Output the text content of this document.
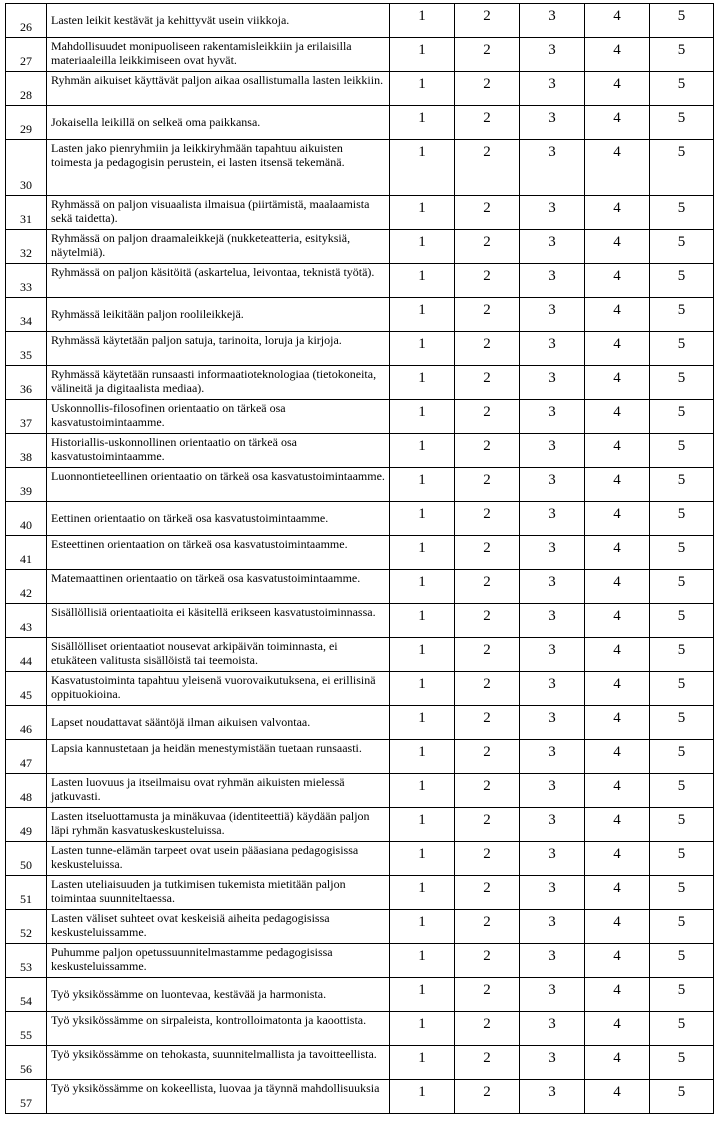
26	Lasten leikit kestävät ja kehittyvät usein viikkoja.	1	2	3	4	5
27	Mahdollisuudet monipuoliseen rakentamisleikkiin ja erilaisilla materiaaleilla leikkimiseen ovat hyvät.	1	2	3	4	5
28	Ryhmän aikuiset käyttävät paljon aikaa osallistumalla lasten leikkiin.	1	2	3	4	5
29	Jokaisella leikillä on selkeä oma paikkansa.	1	2	3	4	5
30	Lasten jako pienryhmiin ja leikkiryhmään tapahtuu aikuisten toimesta ja pedagogisin perustein, ei lasten itsensä tekemänä.	1	2	3	4	5
31	Ryhmässä on paljon visuaalista ilmaisua (piirtämistä, maalaamista sekä taidetta).	1	2	3	4	5
32	Ryhmässä on paljon draamaleikkejä (nukketeatteria, esityksiä, näytelmiä).	1	2	3	4	5
33	Ryhmässä on paljon käsitöitä (askartelua, leivontaa, teknistä työtä).	1	2	3	4	5
34	Ryhmässä leikitään paljon roolileikkejä.	1	2	3	4	5
35	Ryhmässä käytetään paljon satuja, tarinoita, loruja ja kirjoja.	1	2	3	4	5
36	Ryhmässä käytetään runsaasti informaatioteknologiaa (tietokoneita, välineitä ja digitaalista mediaa).	1	2	3	4	5
37	Uskonnollis-filosofinen orientaatio on tärkeä osa kasvatustoimintaamme.	1	2	3	4	5
38	Historiallis-uskonnollinen orientaatio on tärkeä osa kasvatustoimintaamme.	1	2	3	4	5
39	Luonnontieteellinen orientaatio on tärkeä osa kasvatustoimintaamme.	1	2	3	4	5
40	Eettinen orientaatio on tärkeä osa kasvatustoimintaamme.	1	2	3	4	5
41	Esteettinen orientaation on tärkeä osa kasvatustoimintaamme.	1	2	3	4	5
42	Matemaattinen orientaatio on tärkeä osa kasvatustoimintaamme.	1	2	3	4	5
43	Sisällöllisiä orientaatioita ei käsitellä erikseen kasvatustoiminnassa.	1	2	3	4	5
44	Sisällölliset orientaatiot nousevat arkipäivän toiminnasta, ei etukäteen valitusta sisällöistä tai teemoista.	1	2	3	4	5
45	Kasvatustoiminta tapahtuu yleisenä vuorovaikutuksena, ei erillisinä oppituokioina.	1	2	3	4	5
46	Lapset noudattavat sääntöjä ilman aikuisen valvontaa.	1	2	3	4	5
47	Lapsia kannustetaan ja heidän menestymistään tuetaan runsaasti.	1	2	3	4	5
48	Lasten luovuus ja itseilmaisu ovat ryhmän aikuisten mielessä jatkuvasti.	1	2	3	4	5
49	Lasten itseluottamusta ja minäkuvaa (identiteettiä) käydään paljon läpi ryhmän kasvatuskeskusteluissa.	1	2	3	4	5
50	Lasten tunne-elämän tarpeet ovat usein pääasiana pedagogisissa keskusteluissa.	1	2	3	4	5
51	Lasten uteliaisuuden ja tutkimisen tukemista mietitään paljon toimintaa suunniteltaessa.	1	2	3	4	5
52	Lasten väliset suhteet ovat keskeisiä aiheita pedagogisissa keskusteluissamme.	1	2	3	4	5
53	Puhumme paljon opetussuunnitelmastamme pedagogisissa keskusteluissamme.	1	2	3	4	5
54	Työ yksikössämme on luontevaa, kestävää ja harmonista.	1	2	3	4	5
55	Työ yksikössämme on sirpaleista, kontrolloimatonta ja kaoottista.	1	2	3	4	5
56	Työ yksikössämme on tehokasta, suunnitelmallista ja tavoitteellista.	1	2	3	4	5
57	Työ yksikössämme on kokeellista, luovaa ja täynnä mahdollisuuksia	1	2	3	4	5
